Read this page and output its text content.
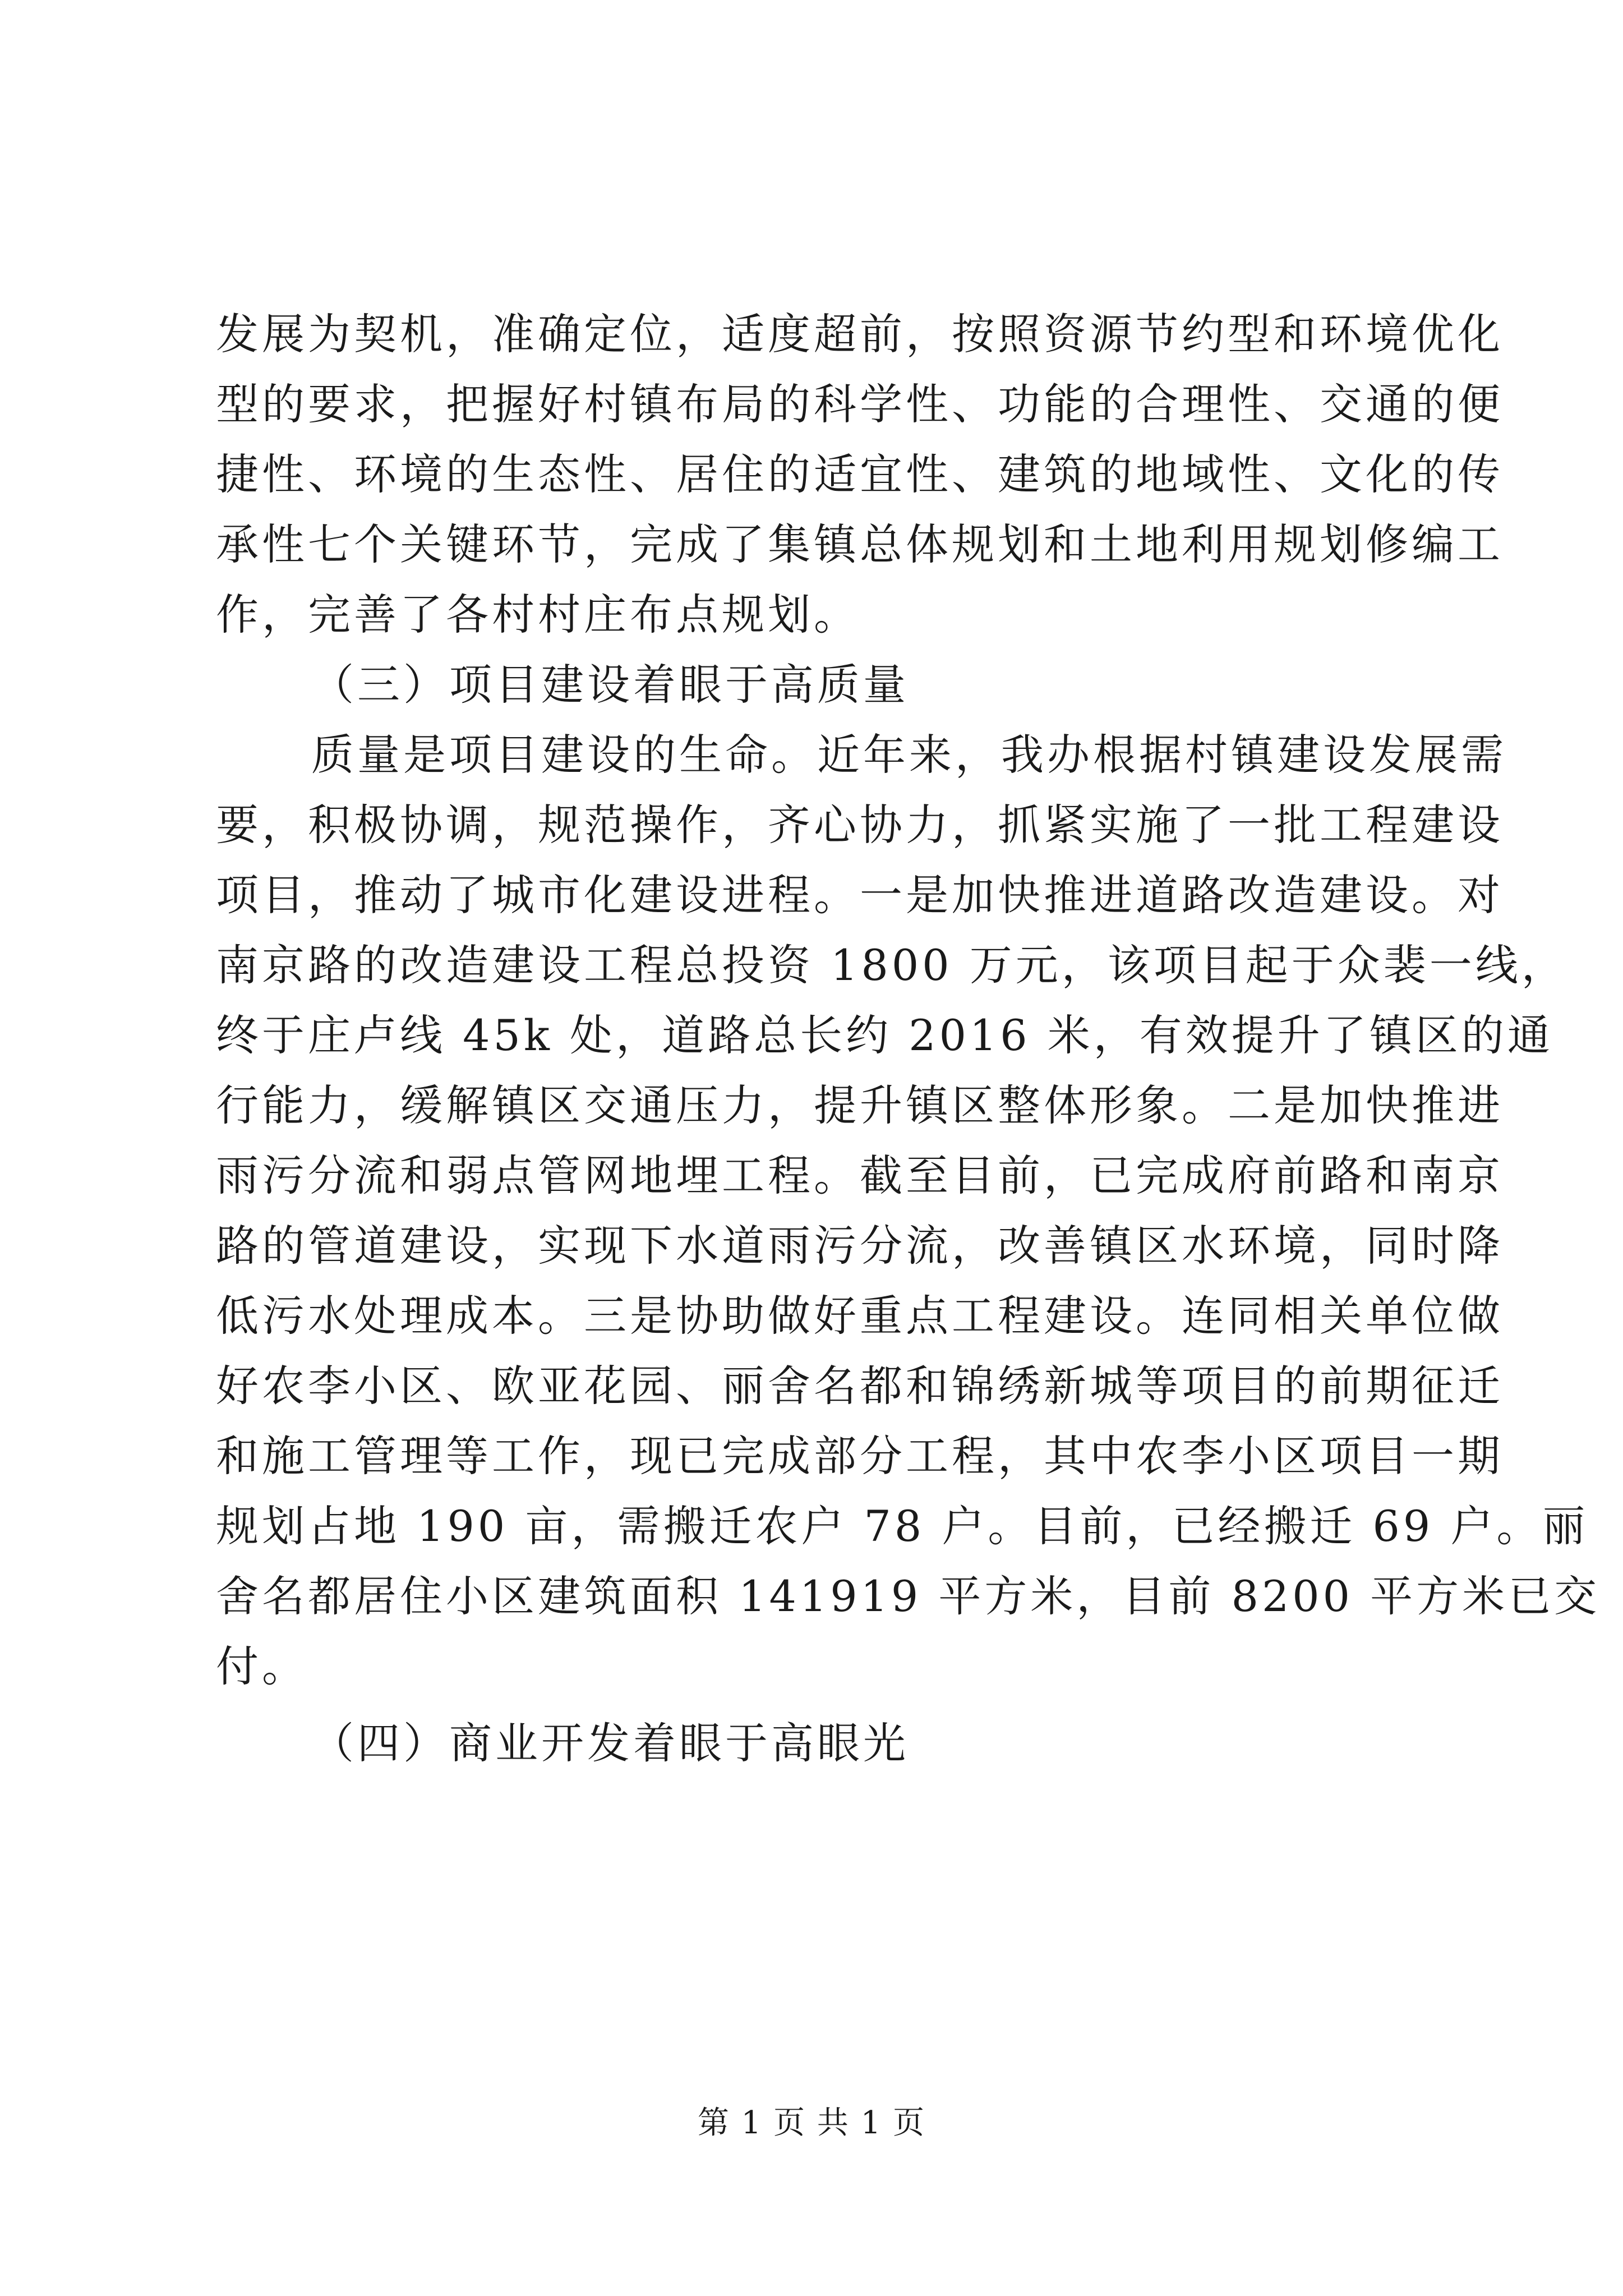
发展为契机，准确定位，适度超前，按照资源节约型和环境优化
型的要求，把握好村镇布局的科学性、功能的合理性、交通的便
捷性、环境的生态性、居住的适宜性、建筑的地域性、文化的传
承性七个关键环节，完成了集镇总体规划和土地利用规划修编工
作，完善了各村村庄布点规划。
（三）项目建设着眼于高质量
质量是项目建设的生命。近年来，我办根据村镇建设发展需
要，积极协调，规范操作，齐心协力，抓紧实施了一批工程建设
项目，推动了城市化建设进程。一是加快推进道路改造建设。对
南京路的改造建设工程总投资 1800 万元，该项目起于众裴一线，
终于庄卢线 45k 处，道路总长约 2016 米，有效提升了镇区的通
行能力，缓解镇区交通压力，提升镇区整体形象。二是加快推进
雨污分流和弱点管网地埋工程。截至目前，已完成府前路和南京
路的管道建设，实现下水道雨污分流，改善镇区水环境，同时降
低污水处理成本。三是协助做好重点工程建设。连同相关单位做
好农李小区、欧亚花园、丽舍名都和锦绣新城等项目的前期征迁
和施工管理等工作，现已完成部分工程，其中农李小区项目一期
规划占地 190 亩，需搬迁农户 78 户。目前，已经搬迁 69 户。丽
舍名都居住小区建筑面积 141919 平方米，目前 8200 平方米已交
付。
（四）商业开发着眼于高眼光
第 1 页 共 1 页
